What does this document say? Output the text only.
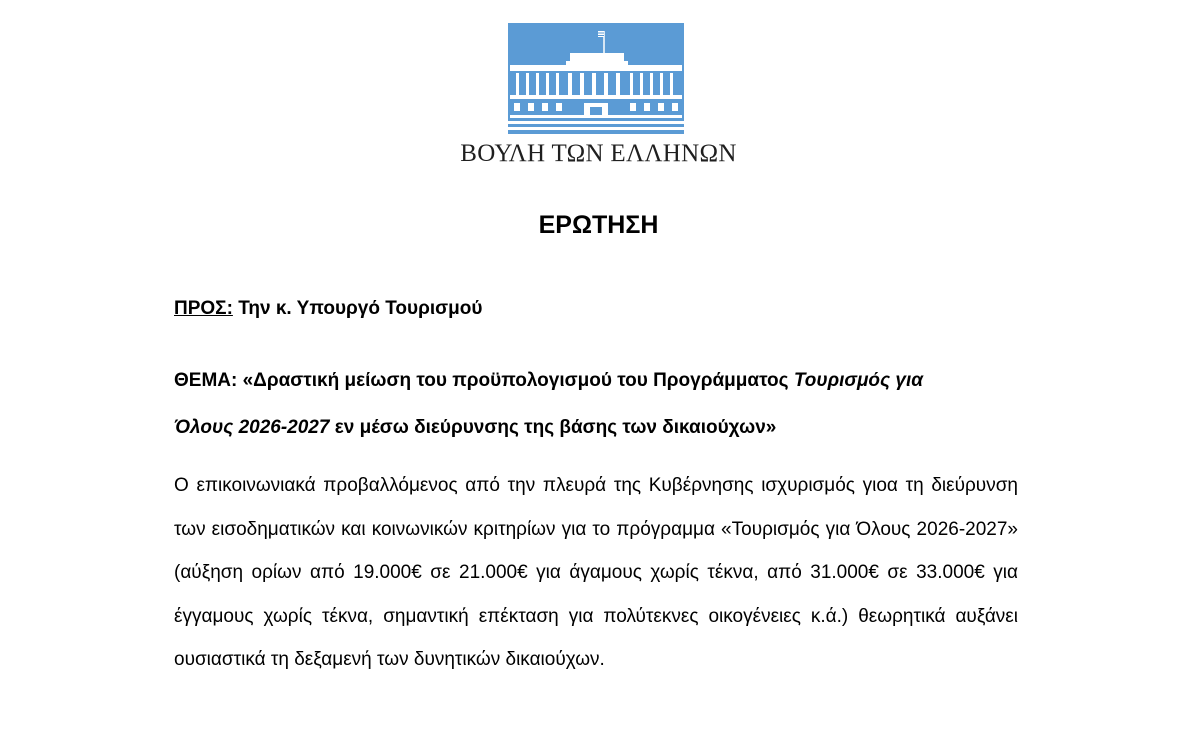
ΒΟΥΛΗ ΤΩΝ ΕΛΛΗΝΩΝ
ΕΡΩΤΗΣΗ
ΠΡΟΣ: Την κ. Υπουργό Τουρισμού
ΘΕΜΑ: «Δραστική μείωση του προϋπολογισμού του Προγράμματος Τουρισμός για
Όλους 2026-2027 εν μέσω διεύρυνσης της βάσης των δικαιούχων»
Ο επικοινωνιακά προβαλλόμενος από την πλευρά της Κυβέρνησης ισχυρισμός γιοα τη διεύρυνση των εισοδηματικών και κοινωνικών κριτηρίων για το πρόγραμμα «Τουρισμός για Όλους 2026-2027» (αύξηση ορίων από 19.000€ σε 21.000€ για άγαμους χωρίς τέκνα, από 31.000€ σε 33.000€ για έγγαμους χωρίς τέκνα, σημαντική επέκταση για πολύτεκνες οικογένειες κ.ά.) θεωρητικά αυξάνει ουσιαστικά τη δεξαμενή των δυνητικών δικαιούχων.
